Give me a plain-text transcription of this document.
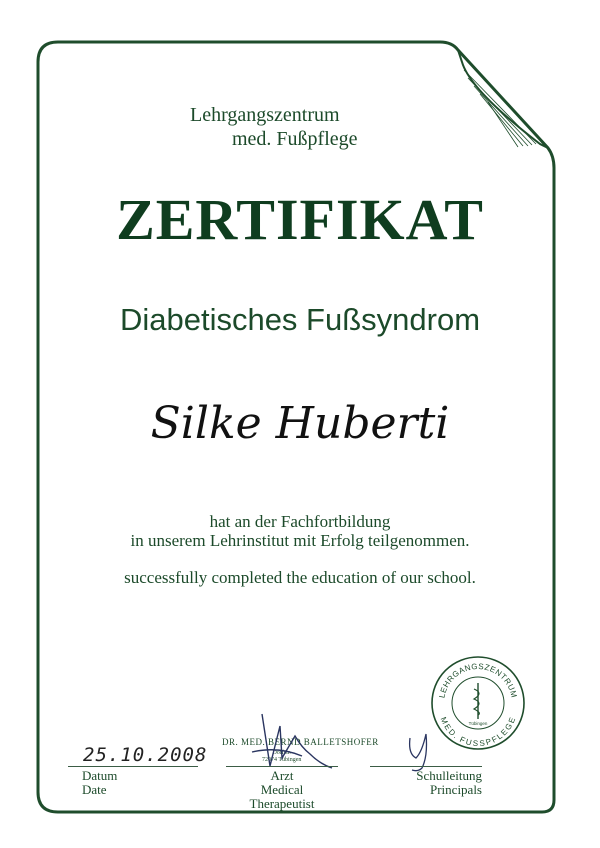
Lehrgangszentrum
med. Fußpflege
ZERTIFIKAT
Diabetisches Fußsyndrom
Silke Huberti
hat an der Fachfortbildung
in unserem Lehrinstitut mit Erfolg teilgenommen.
successfully completed the education of our school.
25.10.2008
Datum
Date
DR. MED. BERND BALLETSHOFER
Dorfstr.
72074 Tübingen
Arzt
Medical
Therapeutist
Schulleitung
Principals
LEHRGANGSZENTRUM
MED. FUSSPFLEGE
Tübingen
